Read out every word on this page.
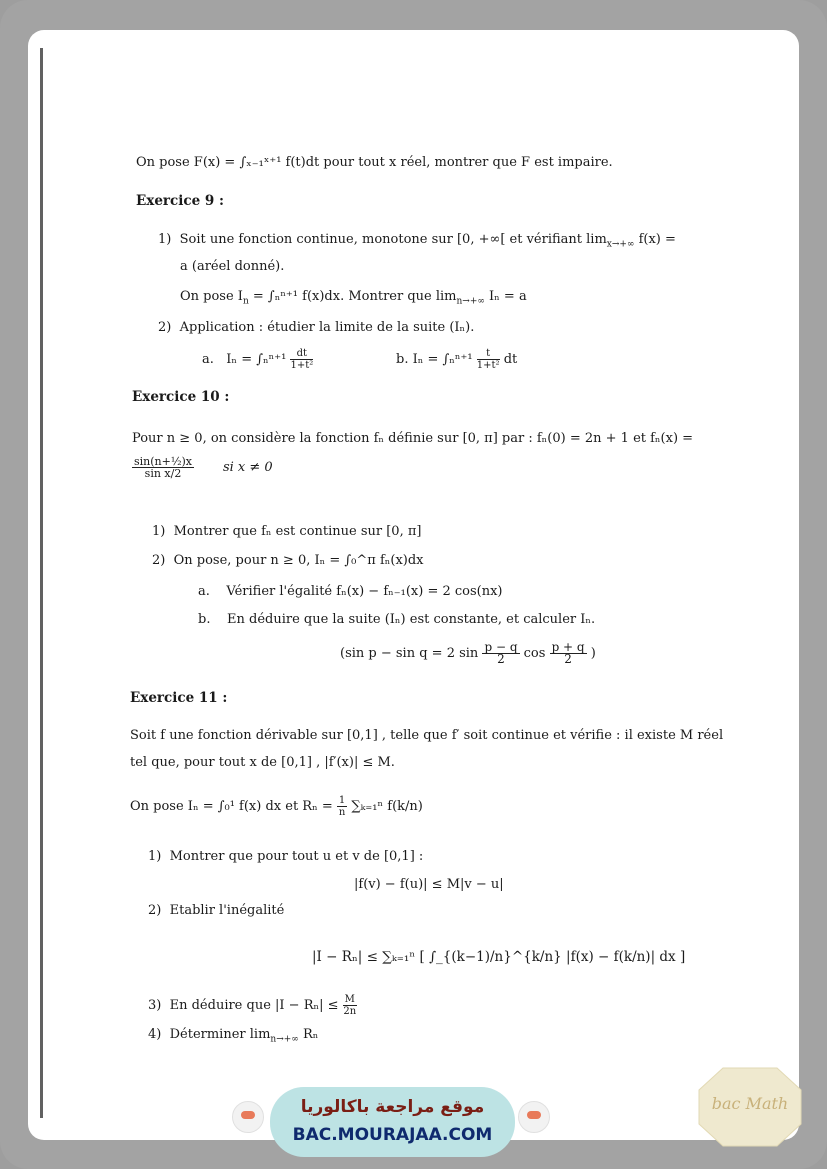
On pose F(x) = ∫ₓ₋₁ˣ⁺¹ f(t)dt pour tout x réel, montrer que F est impaire.
Exercice 9 :
1) Soit une fonction continue, monotone sur [0, +∞[ et vérifiant $\lim_{x\to+\infty} f(x)$ =
a (aréel donné).
On pose $I_n = \int_n^{n+1}$ f(x)dx. Montrer que $\lim_{n\to+\infty} I_n = a$
2) Application : étudier la limite de la suite (Iₙ).
a. $I_n = \int_n^{n+1} \frac{dt}{\text{1+t²}}$	b. $I_n = \int_n^{n+1} \frac{t}{\text{1+t²}}$ dt
Exercice 10 :
Pour n ≥ 0, on considère la fonction fₙ définie sur [0, π] par : fₙ(0) = 2n + 1 et fₙ(x) =
$\frac{\text{sin(n+½)x}}{\text{sin x/2}}$ si x ≠ 0
1) Montrer que fₙ est continue sur [0, π]
2) On pose, pour n ≥ 0, Iₙ = ∫₀^π fₙ(x)dx
a. Vérifier l'égalité fₙ(x) − fₙ₋₁(x) = 2 cos(nx)
b. En déduire que la suite (Iₙ) est constante, et calculer Iₙ.
(sin p − sin q = 2 $\sin \frac{p - q}{2}$ $\cos \frac{p + q}{2}$ )
Exercice 11 :
Soit f une fonction dérivable sur [0,1] , telle que f′ soit continue et vérifie : il existe M réel
tel que, pour tout x de [0,1] , |f′(x)| ≤ M.
On pose Iₙ = ∫₀¹ f(x) dx et $R_n = \frac{1}{n} \sum_{k=1}^n$ f(k/n)
1) Montrer que pour tout u et v de [0,1] :
|f(v) − f(u)| ≤ M|v − u|
2) Etablir l'inégalité
|I − Rₙ| ≤ ∑ₖ₌₁ⁿ [ ∫_{(k−1)/n}^{k/n} |f(x) − f(k/n)| dx ]
3) En déduire que $|I - R_n| \le \frac{M}{2n}$
4) Déterminer $\lim_{n\to+\infty} R_n$
موقع مراجعة باكالوريا
BAC.MOURAJAA.COM
bac Math
